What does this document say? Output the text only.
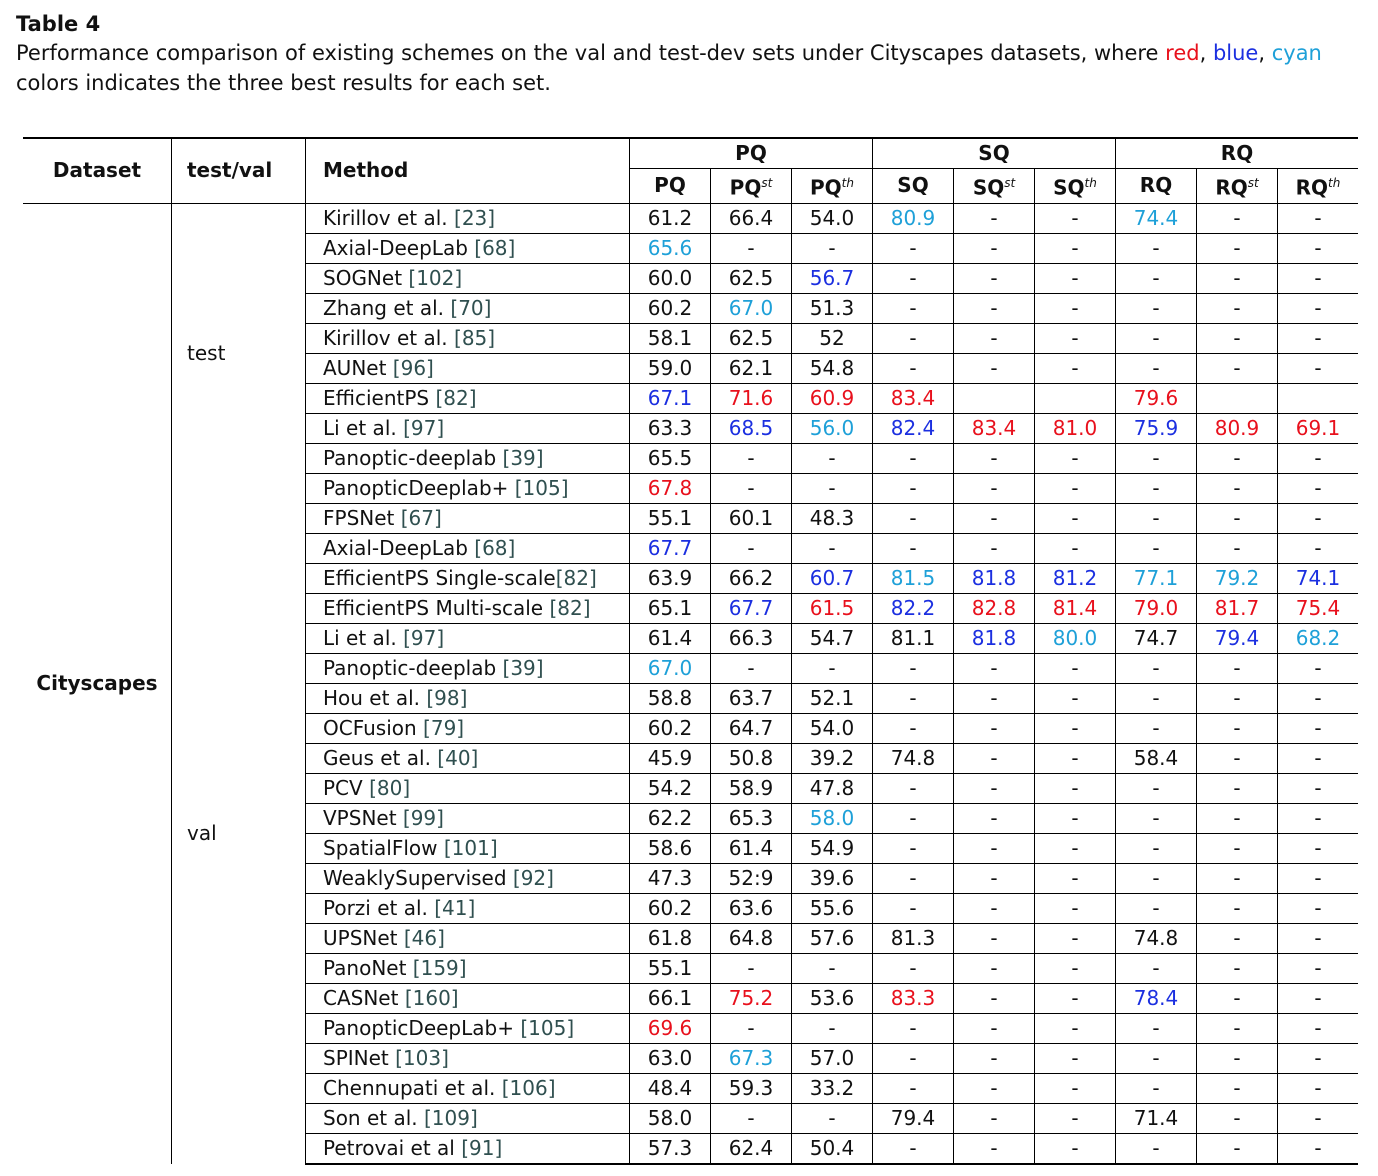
Table 4
Performance comparison of existing schemes on the val and test-dev sets under Cityscapes datasets, where red, blue, cyan colors indicates the three best results for each set.
Dataset	test/val	Method	PQ			SQ			RQ		
			PQ	$PQ^{st}$	$PQ^{th}$	SQ	$SQ^{st}$	$SQ^{th}$	RQ	$RQ^{st}$	$RQ^{th}$
Cityscapes	test	Kirillov et al. [23]	61.2	66.4	54.0	80.9	-	-	74.4	-	-
		Axial-DeepLab [68]	65.6	-	-	-	-	-	-	-	-
		SOGNet [102]	60.0	62.5	56.7	-	-	-	-	-	-
		Zhang et al. [70]	60.2	67.0	51.3	-	-	-	-	-	-
		Kirillov et al. [85]	58.1	62.5	52	-	-	-	-	-	-
		AUNet [96]	59.0	62.1	54.8	-	-	-	-	-	-
		EfficientPS [82]	67.1	71.6	60.9	83.4			79.6		
		Li et al. [97]	63.3	68.5	56.0	82.4	83.4	81.0	75.9	80.9	69.1
		Panoptic-deeplab [39]	65.5	-	-	-	-	-	-	-	-
		PanopticDeeplab+ [105]	67.8	-	-	-	-	-	-	-	-
	val	FPSNet [67]	55.1	60.1	48.3	-	-	-	-	-	-
		Axial-DeepLab [68]	67.7	-	-	-	-	-	-	-	-
		EfficientPS Single-scale[82]	63.9	66.2	60.7	81.5	81.8	81.2	77.1	79.2	74.1
		EfficientPS Multi-scale [82]	65.1	67.7	61.5	82.2	82.8	81.4	79.0	81.7	75.4
		Li et al. [97]	61.4	66.3	54.7	81.1	81.8	80.0	74.7	79.4	68.2
		Panoptic-deeplab [39]	67.0	-	-	-	-	-	-	-	-
		Hou et al. [98]	58.8	63.7	52.1	-	-	-	-	-	-
		OCFusion [79]	60.2	64.7	54.0	-	-	-	-	-	-
		Geus et al. [40]	45.9	50.8	39.2	74.8	-	-	58.4	-	-
		PCV [80]	54.2	58.9	47.8	-	-	-	-	-	-
		VPSNet [99]	62.2	65.3	58.0	-	-	-	-	-	-
		SpatialFlow [101]	58.6	61.4	54.9	-	-	-	-	-	-
		WeaklySupervised [92]	47.3	52:9	39.6	-	-	-	-	-	-
		Porzi et al. [41]	60.2	63.6	55.6	-	-	-	-	-	-
		UPSNet [46]	61.8	64.8	57.6	81.3	-	-	74.8	-	-
		PanoNet [159]	55.1	-	-	-	-	-	-	-	-
		CASNet [160]	66.1	75.2	53.6	83.3	-	-	78.4	-	-
		PanopticDeepLab+ [105]	69.6	-	-	-	-	-	-	-	-
		SPINet [103]	63.0	67.3	57.0	-	-	-	-	-	-
		Chennupati et al. [106]	48.4	59.3	33.2	-	-	-	-	-	-
		Son et al. [109]	58.0	-	-	79.4	-	-	71.4	-	-
		Petrovai et al [91]	57.3	62.4	50.4	-	-	-	-	-	-
